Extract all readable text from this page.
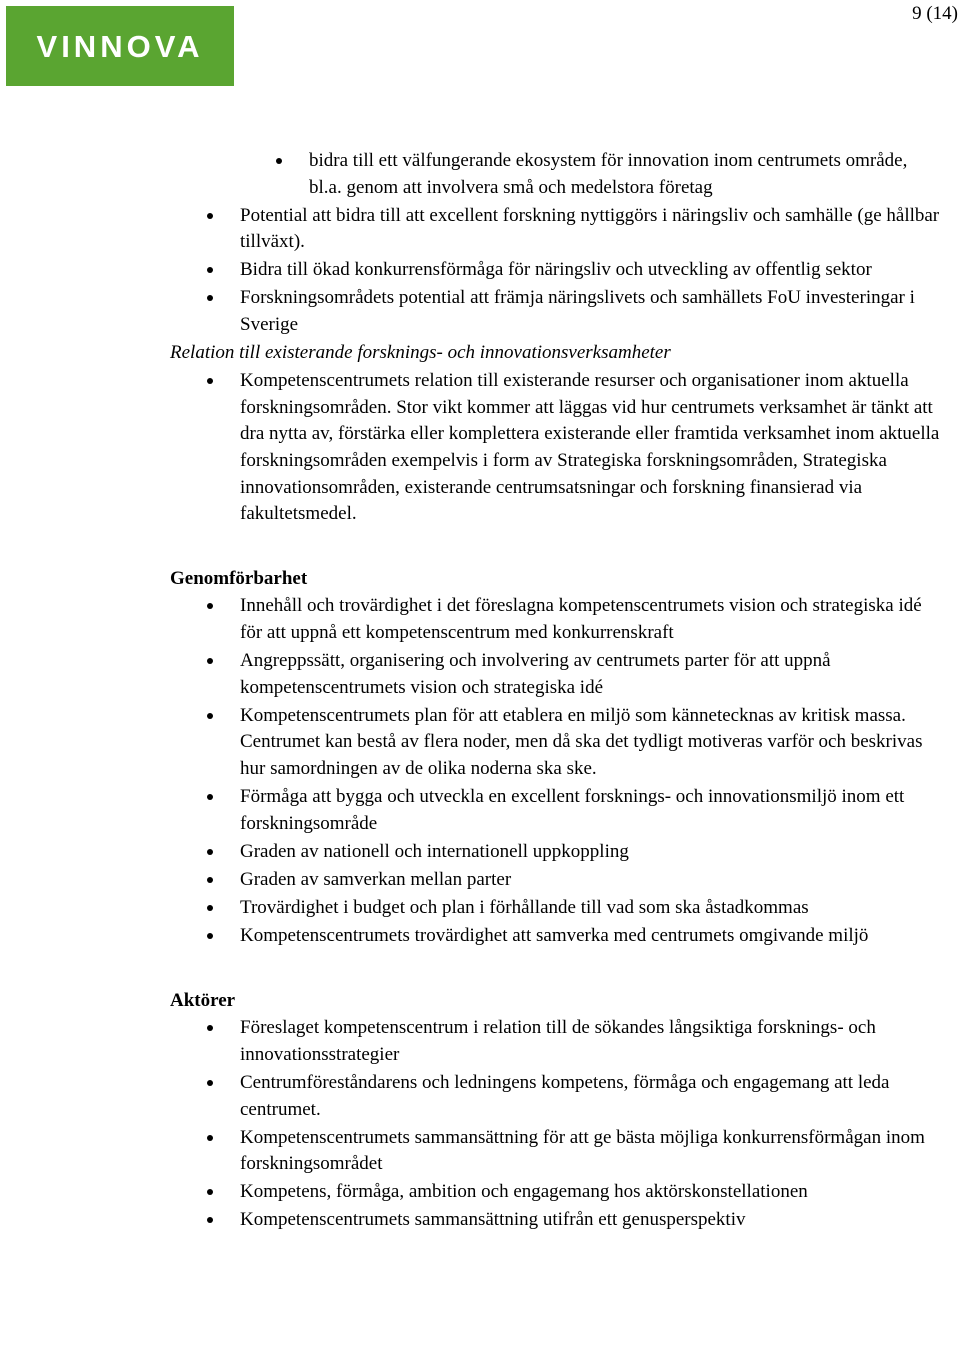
VINNOVA
9 (14)
bidra till ett välfungerande ekosystem för innovation inom centrumets område, bl.a. genom att involvera små och medelstora företag
Potential att bidra till att excellent forskning nyttiggörs i näringsliv och samhälle (ge hållbar tillväxt).
Bidra till ökad konkurrensförmåga för näringsliv och utveckling av offentlig sektor
Forskningsområdets potential att främja näringslivets och samhällets FoU investeringar i Sverige
Relation till existerande forsknings- och innovationsverksamheter
Kompetenscentrumets relation till existerande resurser och organisationer inom aktuella forskningsområden. Stor vikt kommer att läggas vid hur centrumets verksamhet är tänkt att dra nytta av, förstärka eller komplettera existerande eller framtida verksamhet inom aktuella forskningsområden exempelvis i form av Strategiska forskningsområden, Strategiska innovationsområden, existerande centrumsatsningar och forskning finansierad via fakultetsmedel.
Genomförbarhet
Innehåll och trovärdighet i det föreslagna kompetenscentrumets vision och strategiska idé för att uppnå ett kompetenscentrum med konkurrenskraft
Angreppssätt, organisering och involvering av centrumets parter för att uppnå kompetenscentrumets vision och strategiska idé
Kompetenscentrumets plan för att etablera en miljö som kännetecknas av kritisk massa. Centrumet kan bestå av flera noder, men då ska det tydligt motiveras varför och beskrivas hur samordningen av de olika noderna ska ske.
Förmåga att bygga och utveckla en excellent forsknings- och innovationsmiljö inom ett forskningsområde
Graden av nationell och internationell uppkoppling
Graden av samverkan mellan parter
Trovärdighet i budget och plan i förhållande till vad som ska åstadkommas
Kompetenscentrumets trovärdighet att samverka med centrumets omgivande miljö
Aktörer
Föreslaget kompetenscentrum i relation till de sökandes långsiktiga forsknings- och innovationsstrategier
Centrumföreståndarens och ledningens kompetens, förmåga och engagemang att leda centrumet.
Kompetenscentrumets sammansättning för att ge bästa möjliga konkurrensförmågan inom forskningsområdet
Kompetens, förmåga, ambition och engagemang hos aktörskonstellationen
Kompetenscentrumets sammansättning utifrån ett genusperspektiv
